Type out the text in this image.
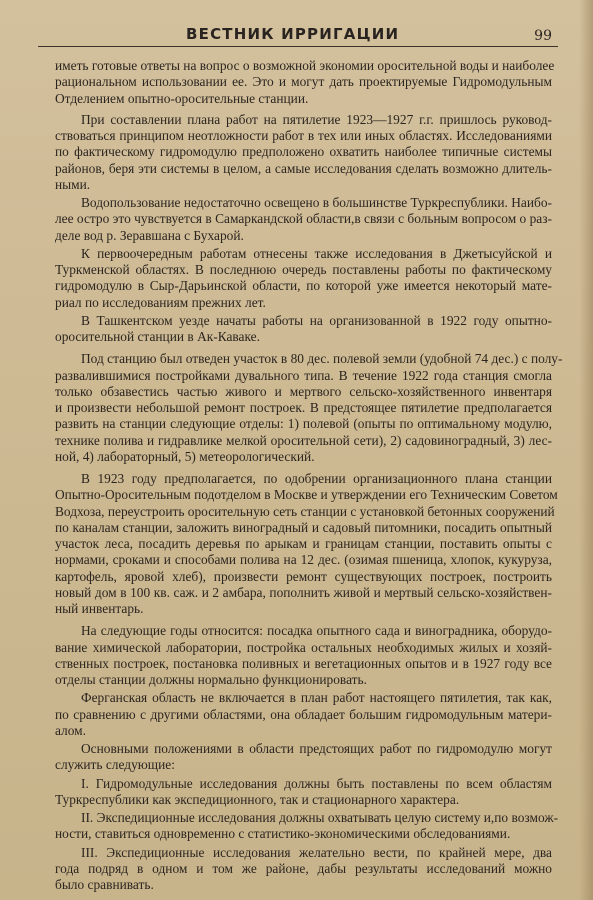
ВЕСТНИК ИРРИГАЦИИ	99
иметь готовые ответы на вопрос о возможной экономии оросительной воды и наиболее
рациональном использовании ее. Это и могут дать проектируемые Гидромодульным
Отделением опытно-оросительные станции.
При составлении плана работ на пятилетие 1923—1927 г.г. пришлось руковод-
ствоваться принципом неотложности работ в тех или иных областях. Исследованиями
по фактическому гидромодулю предположено охватить наиболее типичные системы
районов, беря эти системы в целом, а самые исследования сделать возможно длитель-
ными.
Водопользование недостаточно освещено в большинстве Туркреспублики. Наибо-
лее остро это чувствуется в Самаркандской области,в связи с больным вопросом о раз-
деле вод р. Зеравшана с Бухарой.
К первоочередным работам отнесены также исследования в Джетысуйской и
Туркменской областях. В последнюю очередь поставлены работы по фактическому
гидромодулю в Сыр-Дарьинской области, по которой уже имеется некоторый мате-
риал по исследованиям прежних лет.
В Ташкентском уезде начаты работы на организованной в 1922 году опытно-
оросительной станции в Ак-Каваке.
Под станцию был отведен участок в 80 дес. полевой земли (удобной 74 дес.) с полу-
развалившимися постройками дувального типа. В течение 1922 года станция смогла
только обзавестись частью живого и мертвого сельско-хозяйственного инвентаря
и произвести небольшой ремонт построек. В предстоящее пятилетие предполагается
развить на станции следующие отделы: 1) полевой (опыты по оптимальному модулю,
технике полива и гидравлике мелкой оросительной сети), 2) садовиноградный, 3) лес-
ной, 4) лабораторный, 5) метеорологический.
В 1923 году предполагается, по одобрении организационного плана станции
Опытно-Оросительным подотделом в Москве и утверждении его Техническим Советом
Водхоза, переустроить оросительную сеть станции с установкой бетонных сооружений
по каналам станции, заложить виноградный и садовый питомники, посадить опытный
участок леса, посадить деревья по арыкам и границам станции, поставить опыты с
нормами, сроками и способами полива на 12 дес. (озимая пшеница, хлопок, кукуруза,
картофель, яровой хлеб), произвести ремонт существующих построек, построить
новый дом в 100 кв. саж. и 2 амбара, пополнить живой и мертвый сельско-хозяйствен-
ный инвентарь.
На следующие годы относится: посадка опытного сада и виноградника, оборудо-
вание химической лаборатории, постройка остальных необходимых жилых и хозяй-
ственных построек, постановка поливных и вегетационных опытов и в 1927 году все
отделы станции должны нормально функционировать.
Ферганская область не включается в план работ настоящего пятилетия, так как,
по сравнению с другими областями, она обладает большим гидромодульным матери-
алом.
Основными положениями в области предстоящих работ по гидромодулю могут
служить следующие:
I. Гидромодульные исследования должны быть поставлены по всем областям
Туркреспублики как экспедиционного, так и стационарного характера.
II. Экспедиционные исследования должны охватывать целую систему и,по возмож-
ности, ставиться одновременно с статистико-экономическими обследованиями.
III. Экспедиционные исследования желательно вести, по крайней мере, два
года подряд в одном и том же районе, дабы результаты исследований можно
было сравнивать.
